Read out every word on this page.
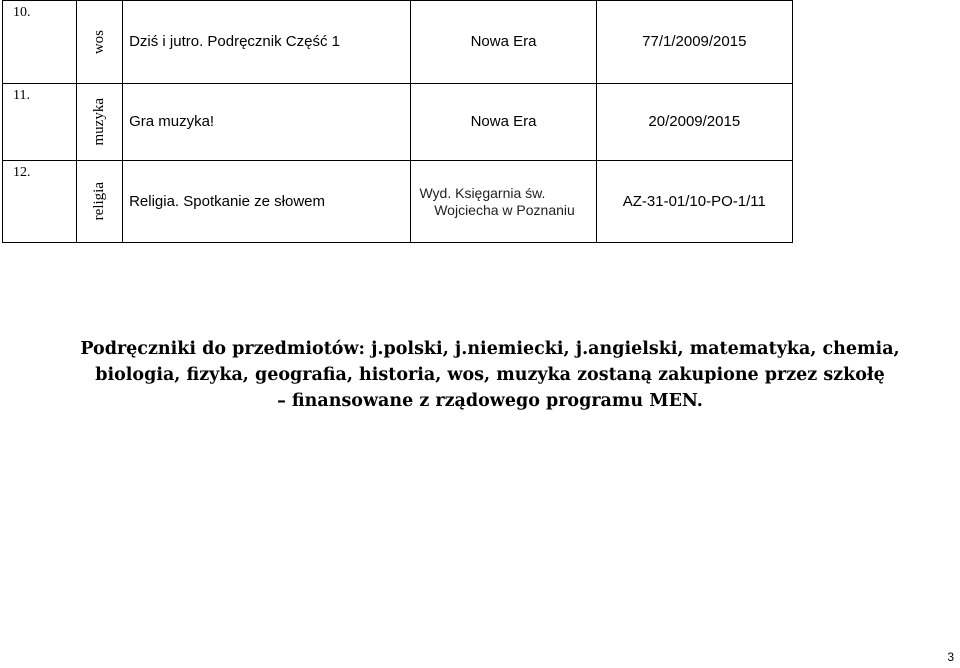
10.	wos	Dziś i jutro. Podręcznik Część 1	Nowa Era	77/1/2009/2015
11.	muzyka	Gra muzyka!	Nowa Era	20/2009/2015
12.	religia	Religia. Spotkanie ze słowem	Wyd. Księgarnia św.
Wojciecha w Poznaniu	AZ-31-01/10-PO-1/11
Podręczniki do przedmiotów: j.polski, j.niemiecki, j.angielski, matematyka, chemia,
biologia, fizyka, geografia, historia, wos, muzyka zostaną zakupione przez szkołę
– finansowane z rządowego programu MEN.
3
